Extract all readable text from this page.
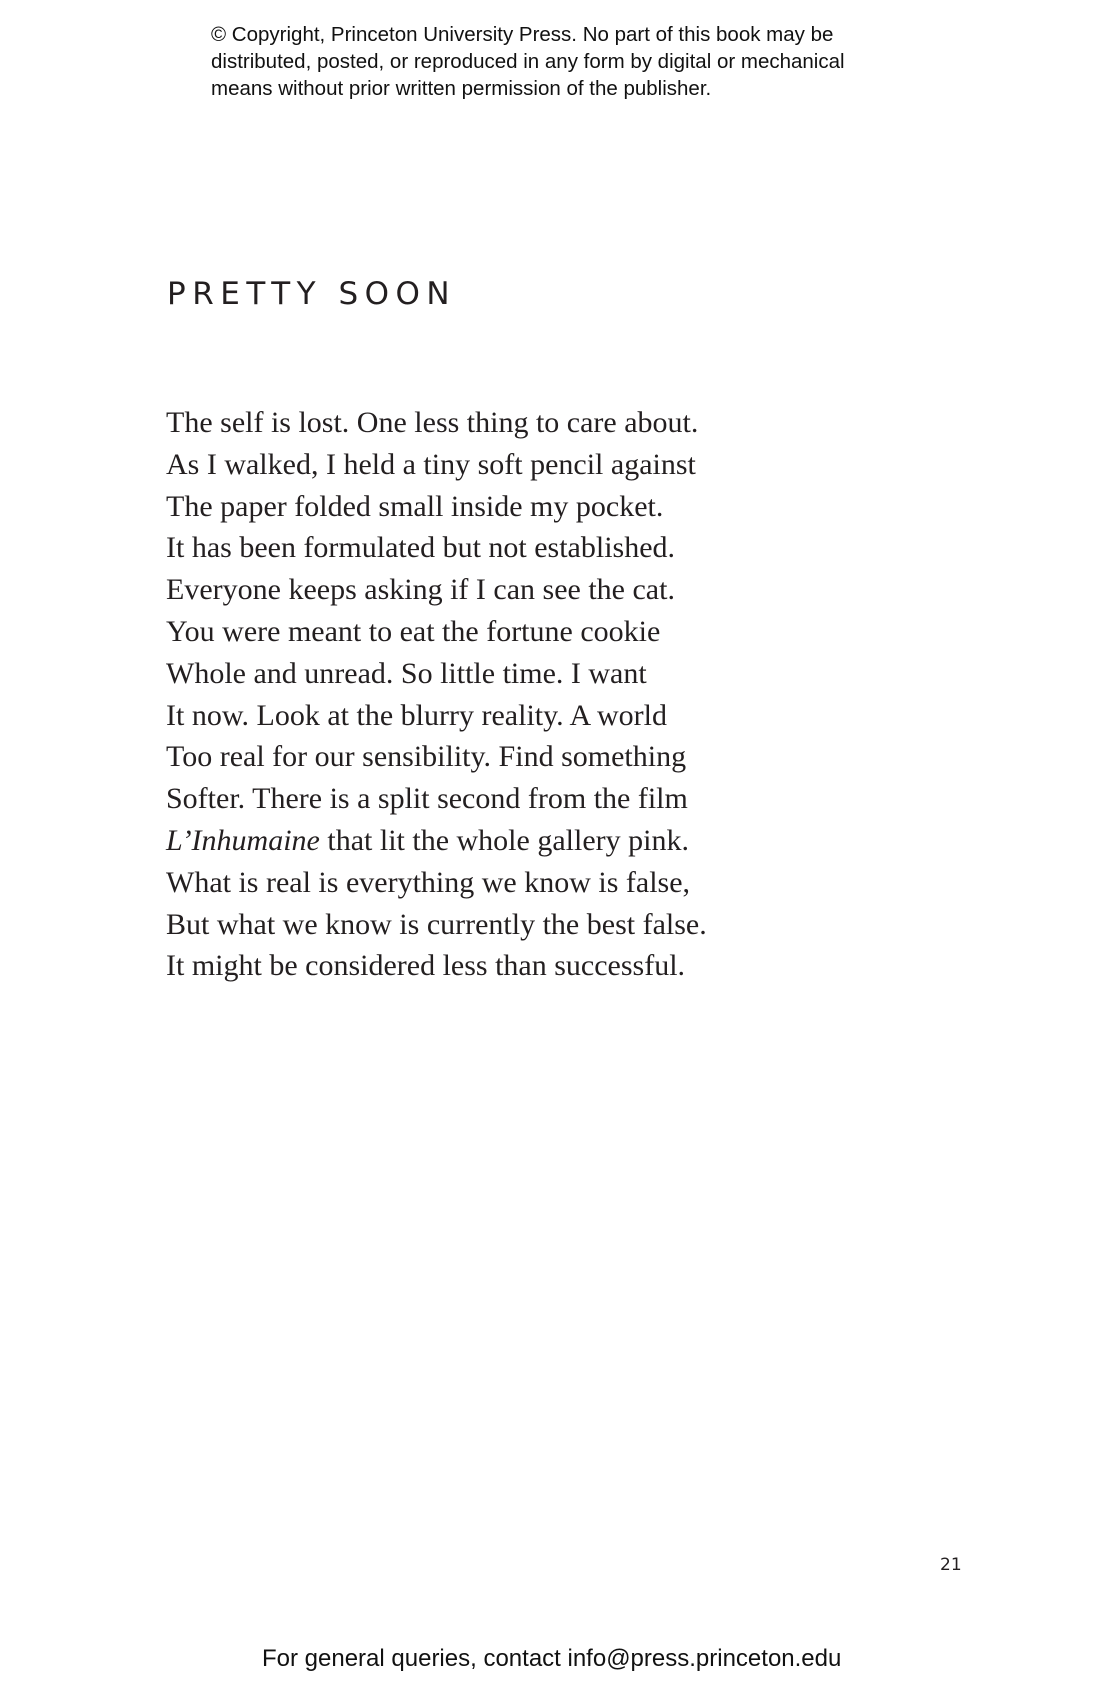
© Copyright, Princeton University Press. No part of this book may be
distributed, posted, or reproduced in any form by digital or mechanical
means without prior written permission of the publisher.
PRETTY SOON
The self is lost. One less thing to care about.
As I walked, I held a tiny soft pencil against
The paper folded small inside my pocket.
It has been formulated but not established.
Everyone keeps asking if I can see the cat.
You were meant to eat the fortune cookie
Whole and unread. So little time. I want
It now. Look at the blurry reality. A world
Too real for our sensibility. Find something
Softer. There is a split second from the film
L’Inhumaine that lit the whole gallery pink.
What is real is everything we know is false,
But what we know is currently the best false.
It might be considered less than successful.
21
For general queries, contact info@press.princeton.edu
